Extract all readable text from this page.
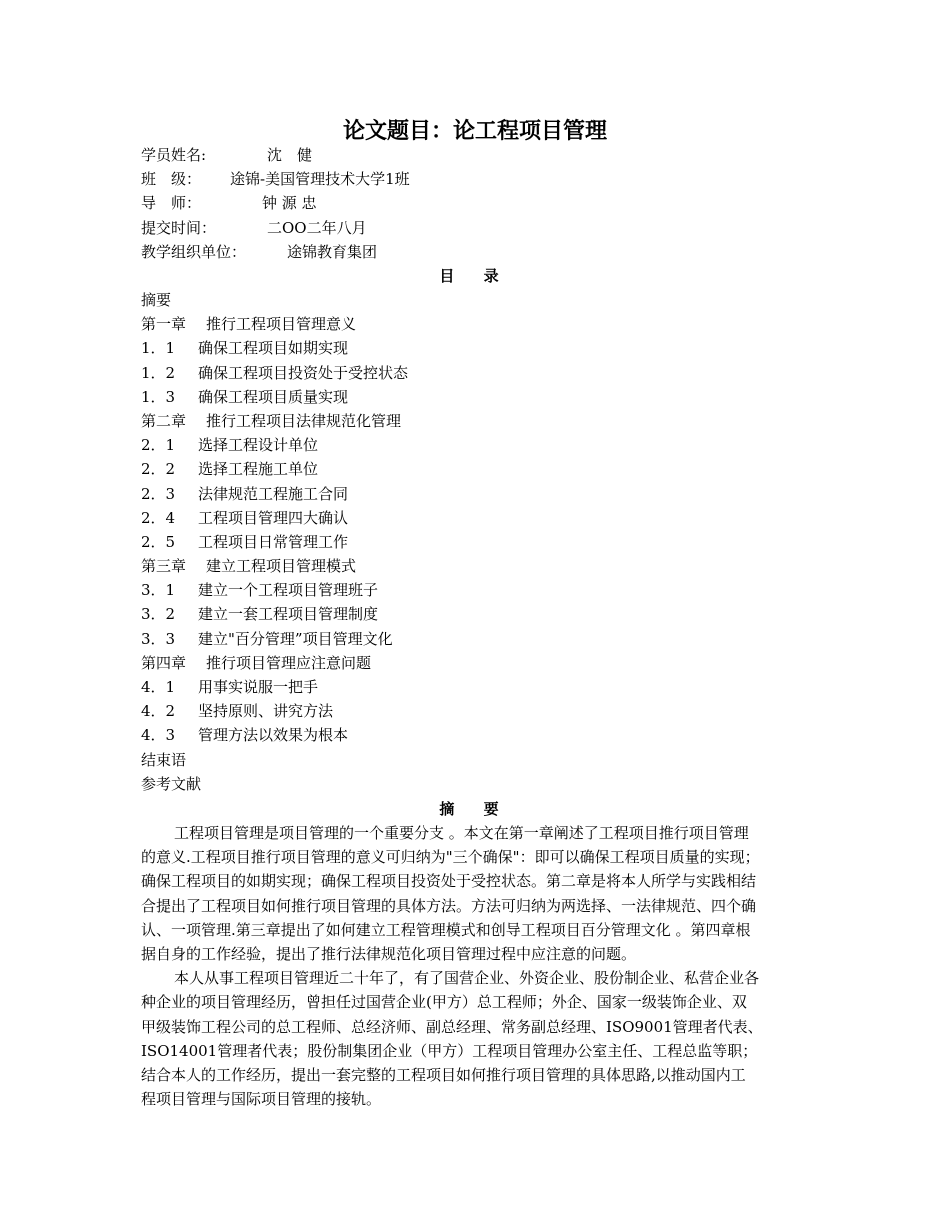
论文题目：论工程项目管理
学员姓名:	沈　健
班　级： 途锦-美国管理技术大学1班
导　师：	钟 源 忠
提交时间：	二OO二年八月
教学组织单位：	途锦教育集团
目 录
摘要
第一章 推行工程项目管理意义
1．1 确保工程项目如期实现
1．2 确保工程项目投资处于受控状态
1．3 确保工程项目质量实现
第二章 推行工程项目法律规范化管理
2．1 选择工程设计单位
2．2 选择工程施工单位
2．3 法律规范工程施工合同
2．4 工程项目管理四大确认
2．5 工程项目日常管理工作
第三章 建立工程项目管理模式
3．1 建立一个工程项目管理班子
3．2 建立一套工程项目管理制度
3．3 建立"百分管理”项目管理文化
第四章 推行项目管理应注意问题
4．1 用事实说服一把手
4．2 坚持原则、讲究方法
4．3 管理方法以效果为根本
结束语
参考文献
摘 要
工程项目管理是项目管理的一个重要分支 。本文在第一章阐述了工程项目推行项目管理
的意义.工程项目推行项目管理的意义可归纳为"三个确保"：即可以确保工程项目质量的实现；
确保工程项目的如期实现；确保工程项目投资处于受控状态。第二章是将本人所学与实践相结
合提出了工程项目如何推行项目管理的具体方法。方法可归纳为两选择、一法律规范、四个确
认、一项管理.第三章提出了如何建立工程管理模式和创导工程项目百分管理文化 。第四章根
据自身的工作经验，提出了推行法律规范化项目管理过程中应注意的问题。
本人从事工程项目管理近二十年了，有了国营企业、外资企业、股份制企业、私营企业各
种企业的项目管理经历，曾担任过国营企业(甲方）总工程师；外企、国家一级装饰企业、双
甲级装饰工程公司的总工程师、总经济师、副总经理、常务副总经理、ISO9001管理者代表、
ISO14001管理者代表；股份制集团企业（甲方）工程项目管理办公室主任、工程总监等职；
结合本人的工作经历，提出一套完整的工程项目如何推行项目管理的具体思路,以推动国内工
程项目管理与国际项目管理的接轨。
